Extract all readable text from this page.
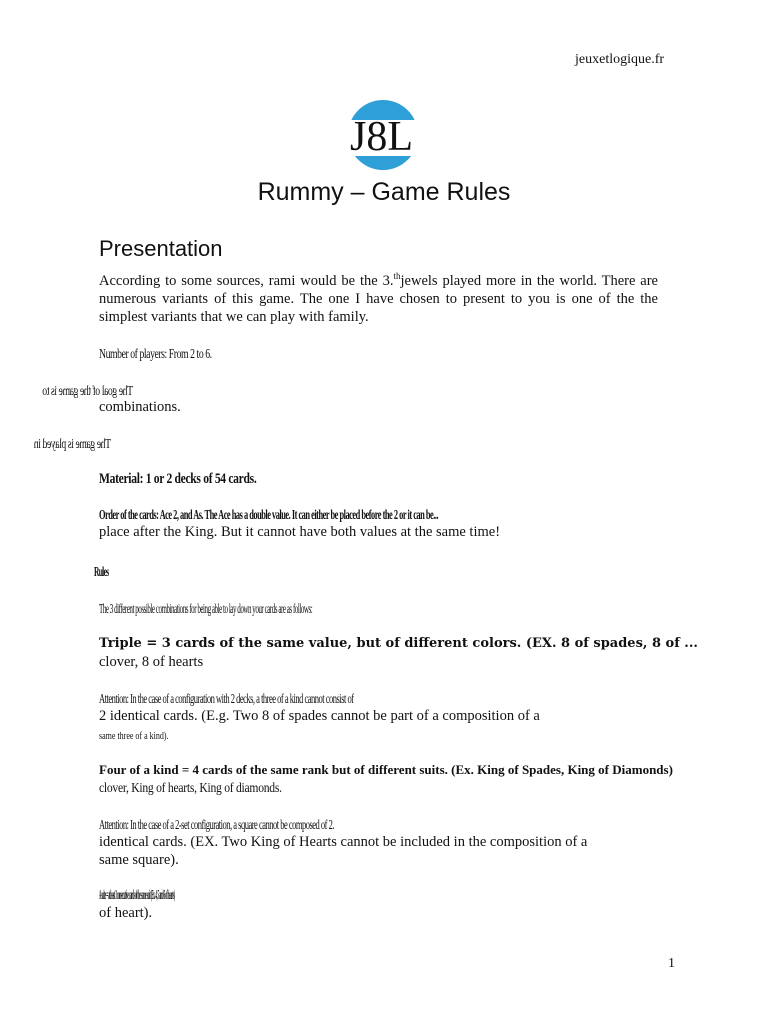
jeuxetlogique.fr
J8L
Rummy – Game Rules
Presentation
According to some sources, rami would be the 3.$^{th}$jewels played more in the world. There are numerous variants of this game. The one I have chosen to present to you is one of the the simplest variants that we can play with family.
Number of players: From 2 to 6.
The goal of the game is to
combinations.
The game is played in
Material: 1 or 2 decks of 54 cards.
Order of the cards: Ace 2, and As. The Ace has a double value. It can either be placed before the 2 or it can be...
place after the King. But it cannot have both values at the same time!
Rules
The 3 different possible combinations for being able to lay down your cards are as follows:
Triple = 3 cards of the same value, but of different colors. (EX. 8 of spades, 8 of ...
clover, 8 of hearts
Attention: In the case of a configuration with 2 decks, a three of a kind cannot consist of
2 identical cards. (E.g. Two 8 of spades cannot be part of a composition of a
same three of a kind).
Four of a kind = 4 cards of the same rank but of different suits. (Ex. King of Spades, King of Diamonds)
clover, King of hearts, King of diamonds.
Attention: In the case of a 2-set configuration, a square cannot be composed of 2.
identical cards. (EX. Two King of Hearts cannot be included in the composition of a
same square).
A suite = at least 3 consecutive cards of the same suit (Ex. 4, 5 and 6 of hearts)
of heart).
1
